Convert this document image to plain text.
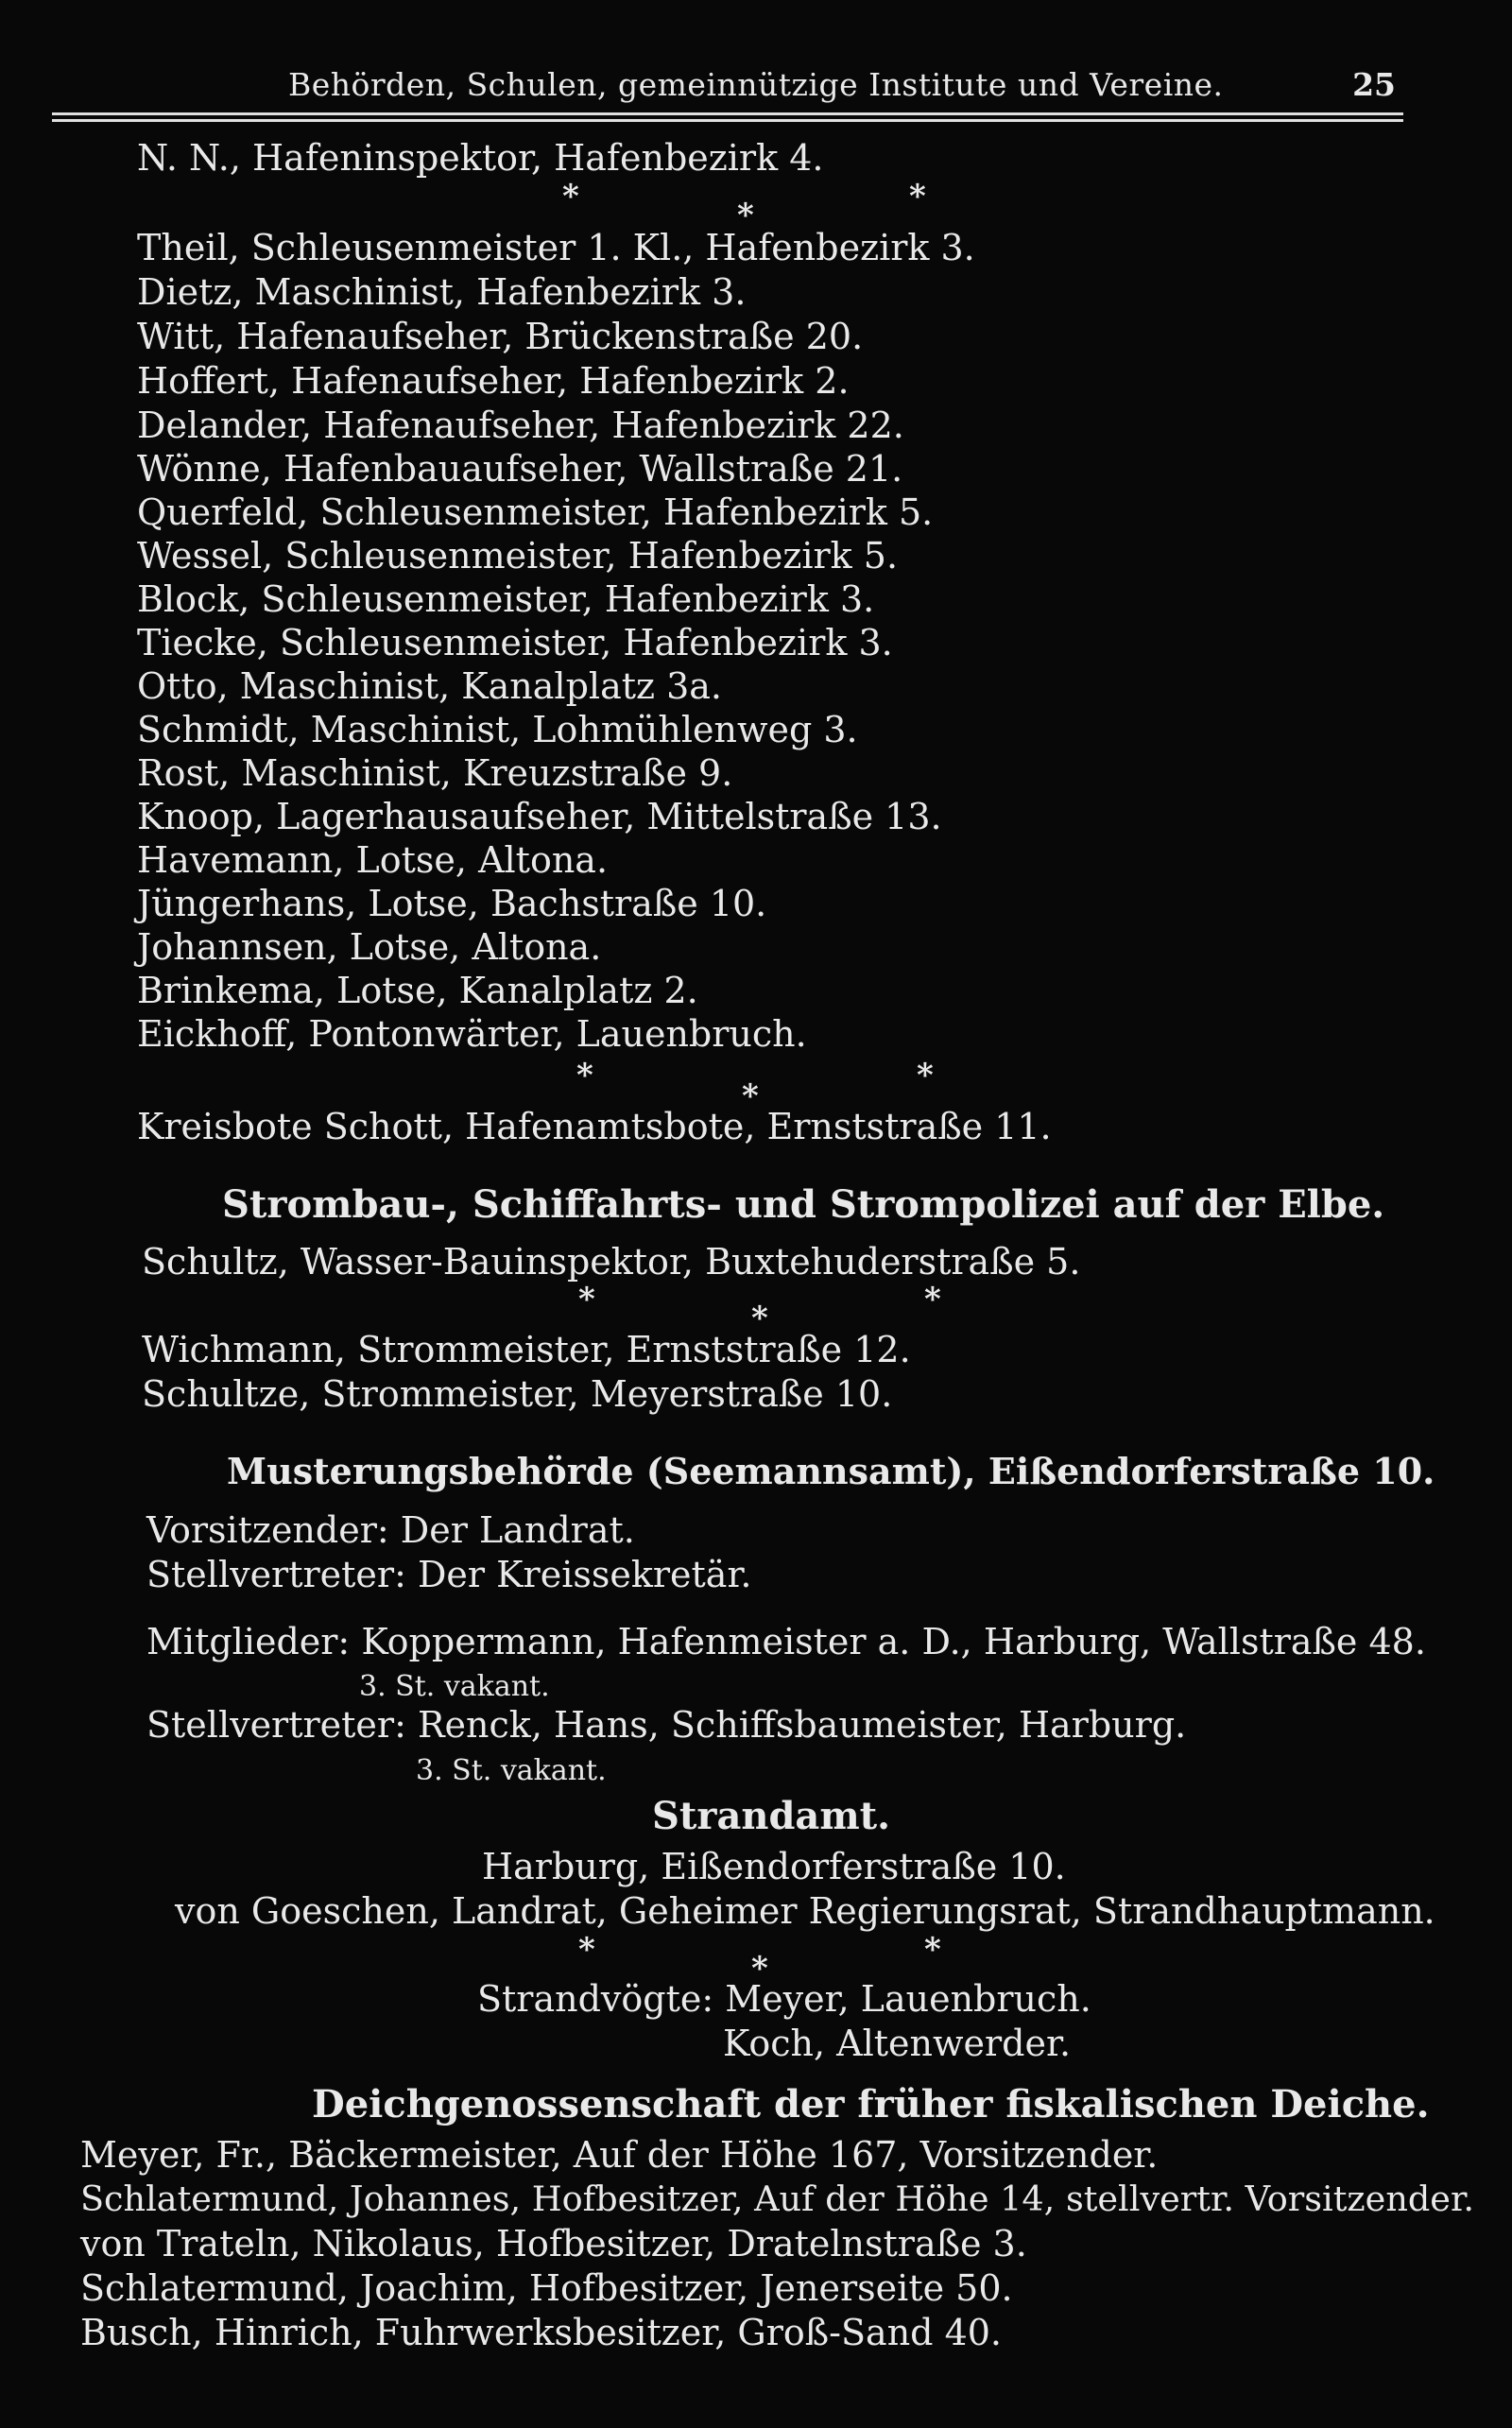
Behörden, Schulen, gemeinnützige Institute und Vereine.	25
N. N., Hafeninspektor, Hafenbezirk 4.
*	*	*
Theil, Schleusenmeister 1. Kl., Hafenbezirk 3.
Dietz, Maschinist, Hafenbezirk 3.
Witt, Hafenaufseher, Brückenstraße 20.
Hoffert, Hafenaufseher, Hafenbezirk 2.
Delander, Hafenaufseher, Hafenbezirk 22.
Wönne, Hafenbauaufseher, Wallstraße 21.
Querfeld, Schleusenmeister, Hafenbezirk 5.
Wessel, Schleusenmeister, Hafenbezirk 5.
Block, Schleusenmeister, Hafenbezirk 3.
Tiecke, Schleusenmeister, Hafenbezirk 3.
Otto, Maschinist, Kanalplatz 3a.
Schmidt, Maschinist, Lohmühlenweg 3.
Rost, Maschinist, Kreuzstraße 9.
Knoop, Lagerhausaufseher, Mittelstraße 13.
Havemann, Lotse, Altona.
Jüngerhans, Lotse, Bachstraße 10.
Johannsen, Lotse, Altona.
Brinkema, Lotse, Kanalplatz 2.
Eickhoff, Pontonwärter, Lauenbruch.
*
*
*
Kreisbote Schott, Hafenamtsbote, Ernststraße 11.
Strombau-, Schiffahrts- und Strompolizei auf der Elbe.
Schultz, Wasser-Bauinspektor, Buxtehuderstraße 5.
*	*	*
Wichmann, Strommeister, Ernststraße 12.
Schultze, Strommeister, Meyerstraße 10.
Musterungsbehörde (Seemannsamt), Eißendorferstraße 10.
Vorsitzender: Der Landrat.
Stellvertreter: Der Kreissekretär.
Mitglieder: Koppermann, Hafenmeister a. D., Harburg, Wallstraße 48.
3. St. vakant.
Stellvertreter: Renck, Hans, Schiffsbaumeister, Harburg.
3. St. vakant.
Strandamt.
Harburg, Eißendorferstraße 10.
von Goeschen, Landrat, Geheimer Regierungsrat, Strandhauptmann.
*	*	*
Strandvögte: Meyer, Lauenbruch.
Koch, Altenwerder.
Deichgenossenschaft der früher fiskalischen Deiche.
Meyer, Fr., Bäckermeister, Auf der Höhe 167, Vorsitzender.
Schlatermund, Johannes, Hofbesitzer, Auf der Höhe 14, stellvertr. Vorsitzender.
von Trateln, Nikolaus, Hofbesitzer, Dratelnstraße 3.
Schlatermund, Joachim, Hofbesitzer, Jenerseite 50.
Busch, Hinrich, Fuhrwerksbesitzer, Groß-Sand 40.
